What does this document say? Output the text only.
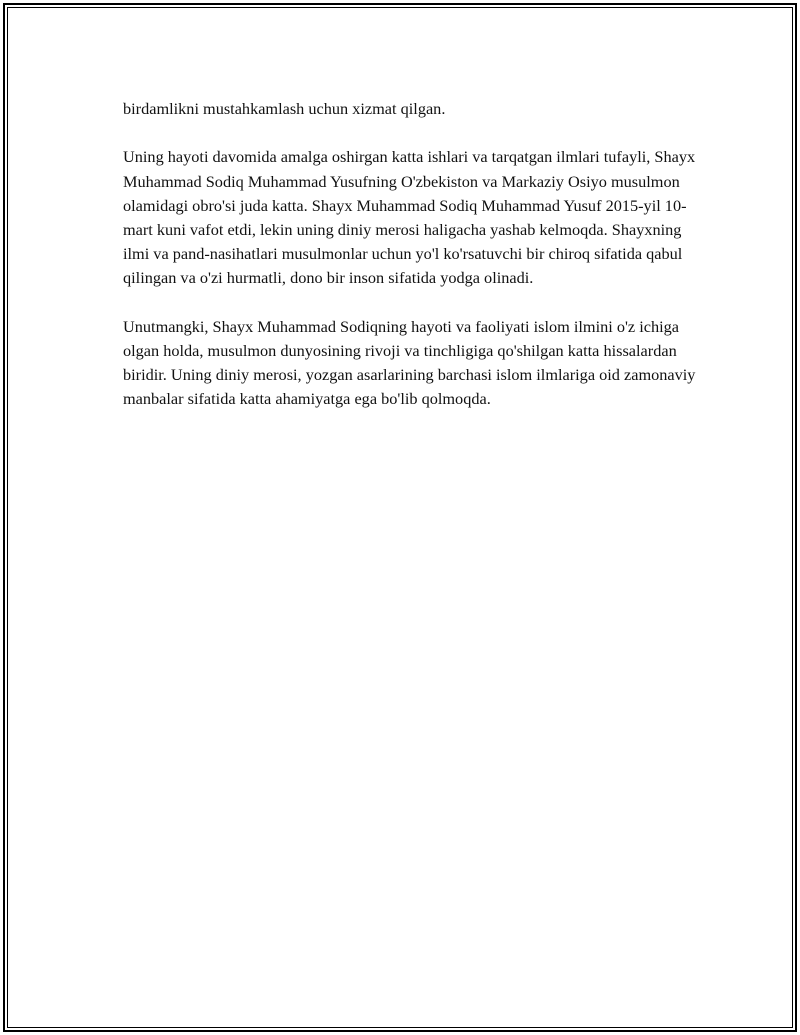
birdamlikni mustahkamlash uchun xizmat qilgan.

Uning hayoti davomida amalga oshirgan katta ishlari va tarqatgan ilmlari tufayli, Shayx Muhammad Sodiq Muhammad Yusufning O'zbekiston va Markaziy Osiyo musulmon olamidagi obro'si juda katta. Shayx Muhammad Sodiq Muhammad Yusuf 2015-yil 10-mart kuni vafot etdi, lekin uning diniy merosi haligacha yashab kelmoqda. Shayxning ilmi va pand-nasihatlari musulmonlar uchun yo'l ko'rsatuvchi bir chiroq sifatida qabul qilingan va o'zi hurmatli, dono bir inson sifatida yodga olinadi.

Unutmangki, Shayx Muhammad Sodiqning hayoti va faoliyati islom ilmini o'z ichiga olgan holda, musulmon dunyosining rivoji va tinchligiga qo'shilgan katta hissalardan biridir. Uning diniy merosi, yozgan asarlarining barchasi islom ilmlariga oid zamonaviy manbalar sifatida katta ahamiyatga ega bo'lib qolmoqda.
